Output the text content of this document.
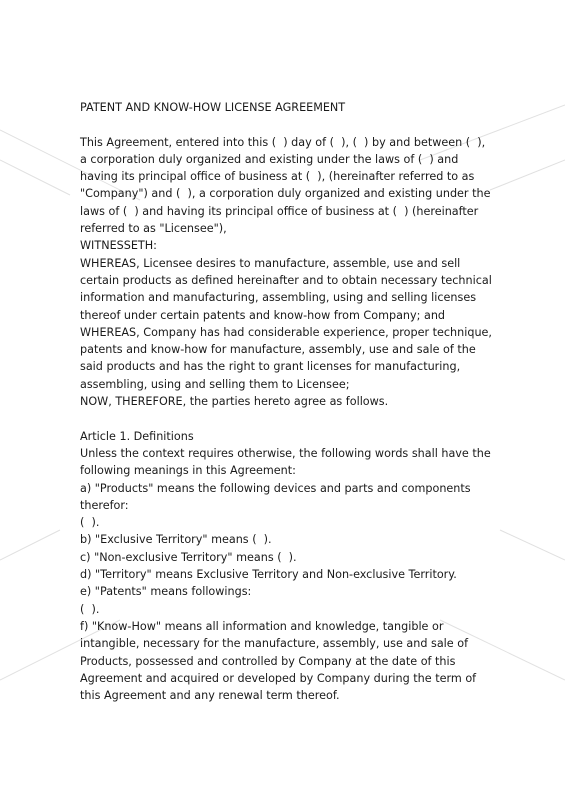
PATENT AND KNOW-HOW LICENSE AGREEMENT

This Agreement, entered into this (  ) day of (  ), (  ) by and between (  ), a corporation duly organized and existing under the laws of (  ) and having its principal office of business at (  ), (hereinafter referred to as "Company") and (  ), a corporation duly organized and existing under the laws of (  ) and having its principal office of business at (  ) (hereinafter referred to as "Licensee"),

WITNESSETH:

WHEREAS, Licensee desires to manufacture, assemble, use and sell certain products as defined hereinafter and to obtain necessary technical information and manufacturing, assembling, using and selling licenses thereof under certain patents and know-how from Company; and

WHEREAS, Company has had considerable experience, proper technique, patents and know-how for manufacture, assembly, use and sale of the said products and has the right to grant licenses for manufacturing, assembling, using and selling them to Licensee;

NOW, THEREFORE, the parties hereto agree as follows.

Article 1. Definitions

Unless the context requires otherwise, the following words shall have the following meanings in this Agreement:

a) "Products" means the following devices and parts and components therefor:

(  ).

b) "Exclusive Territory" means (  ).

c) "Non-exclusive Territory" means (  ).

d) "Territory" means Exclusive Territory and Non-exclusive Territory.

e) "Patents" means followings:

(  ).

f) "Know-How" means all information and knowledge, tangible or intangible, necessary for the manufacture, assembly, use and sale of Products, possessed and controlled by Company at the date of this Agreement and acquired or developed by Company during the term of this Agreement and any renewal term thereof.
